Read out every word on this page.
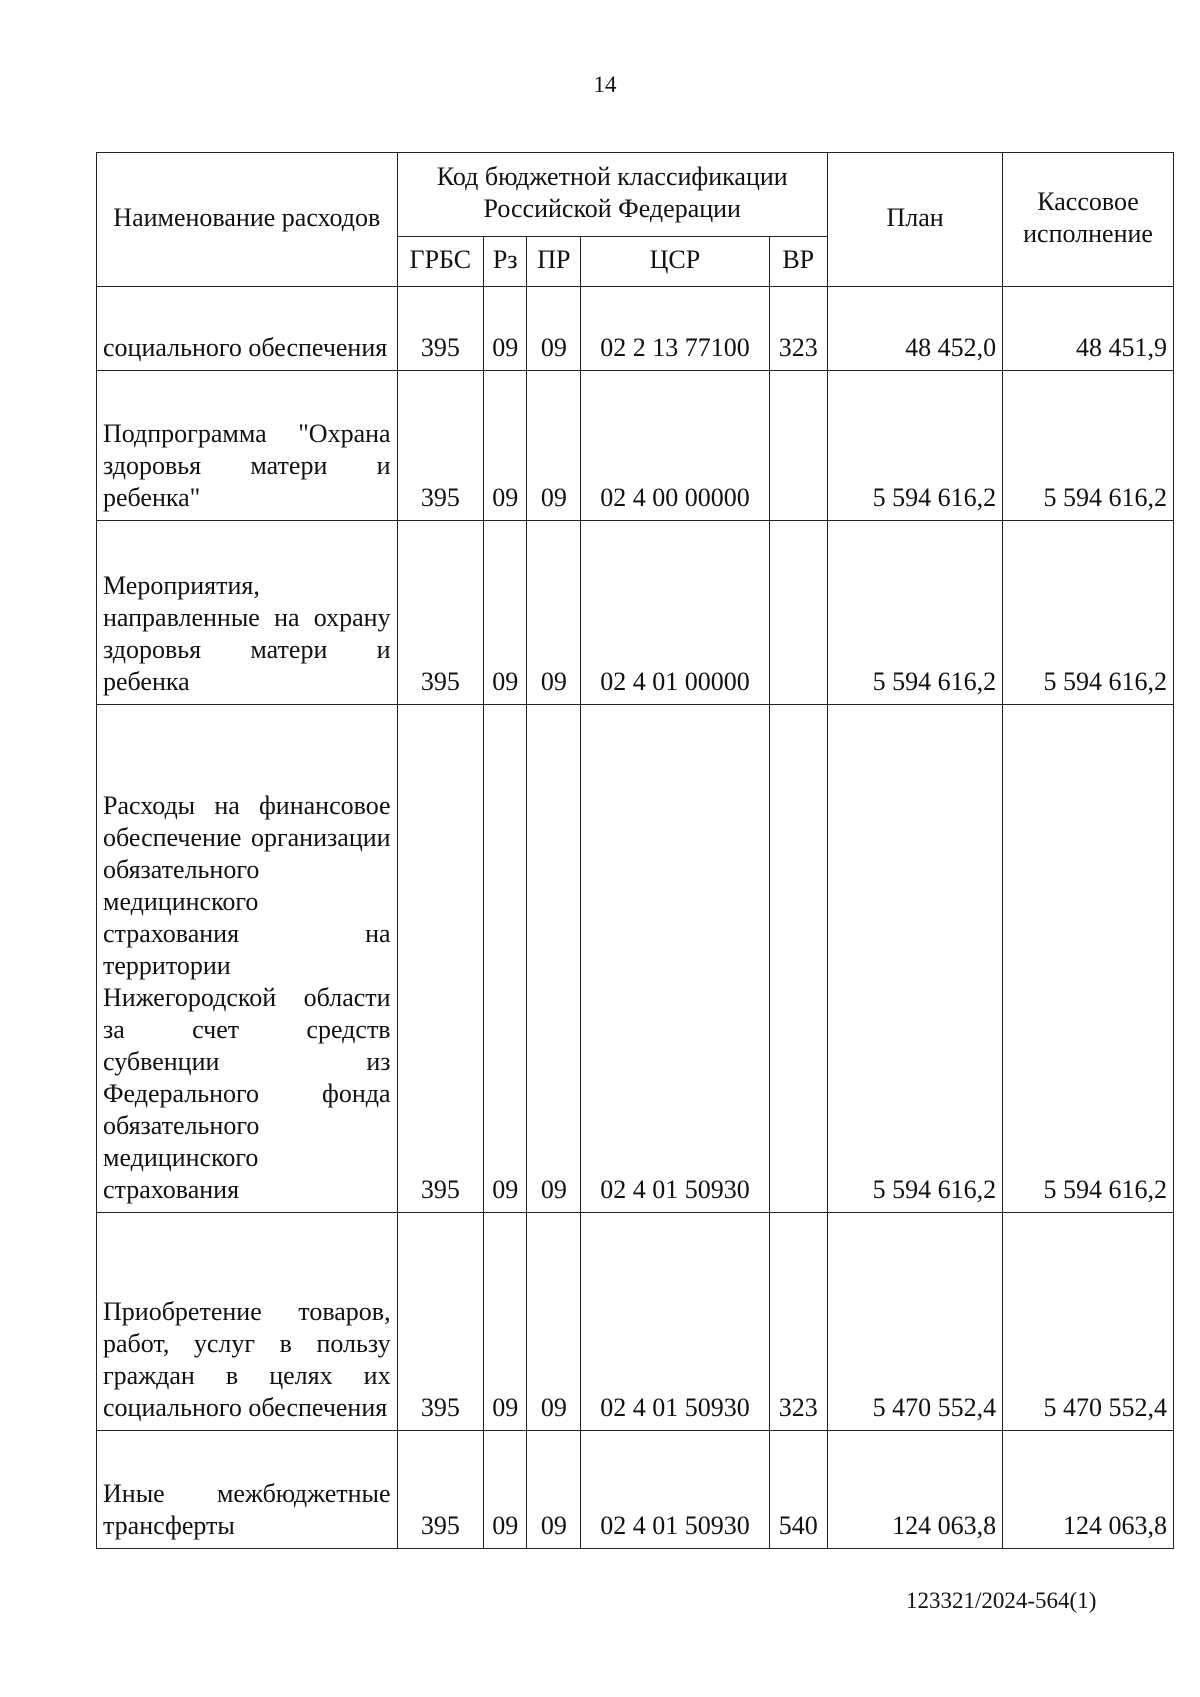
14
Наименование расходов	Код бюджетной классификации Российской Федерации					План	Кассовое исполнение
	ГРБС	Рз	ПР	ЦСР	ВР		
социального обеспечения	395	09	09	02 2 13 77100	323	48 452,0	48 451,9
Подпрограмма "Охрана здоровья матери и ребенка"	395	09	09	02 4 00 00000		5 594 616,2	5 594 616,2
Мероприятия, направленные на охрану здоровья матери и ребенка	395	09	09	02 4 01 00000		5 594 616,2	5 594 616,2
Расходы на финансовое обеспечение организации обязательного медицинского страхования на территории Нижегородской области за счет средств субвенции из Федерального фонда обязательного медицинского страхования	395	09	09	02 4 01 50930		5 594 616,2	5 594 616,2
Приобретение товаров, работ, услуг в пользу граждан в целях их социального обеспечения	395	09	09	02 4 01 50930	323	5 470 552,4	5 470 552,4
Иные межбюджетные трансферты	395	09	09	02 4 01 50930	540	124 063,8	124 063,8
123321/2024-564(1)
